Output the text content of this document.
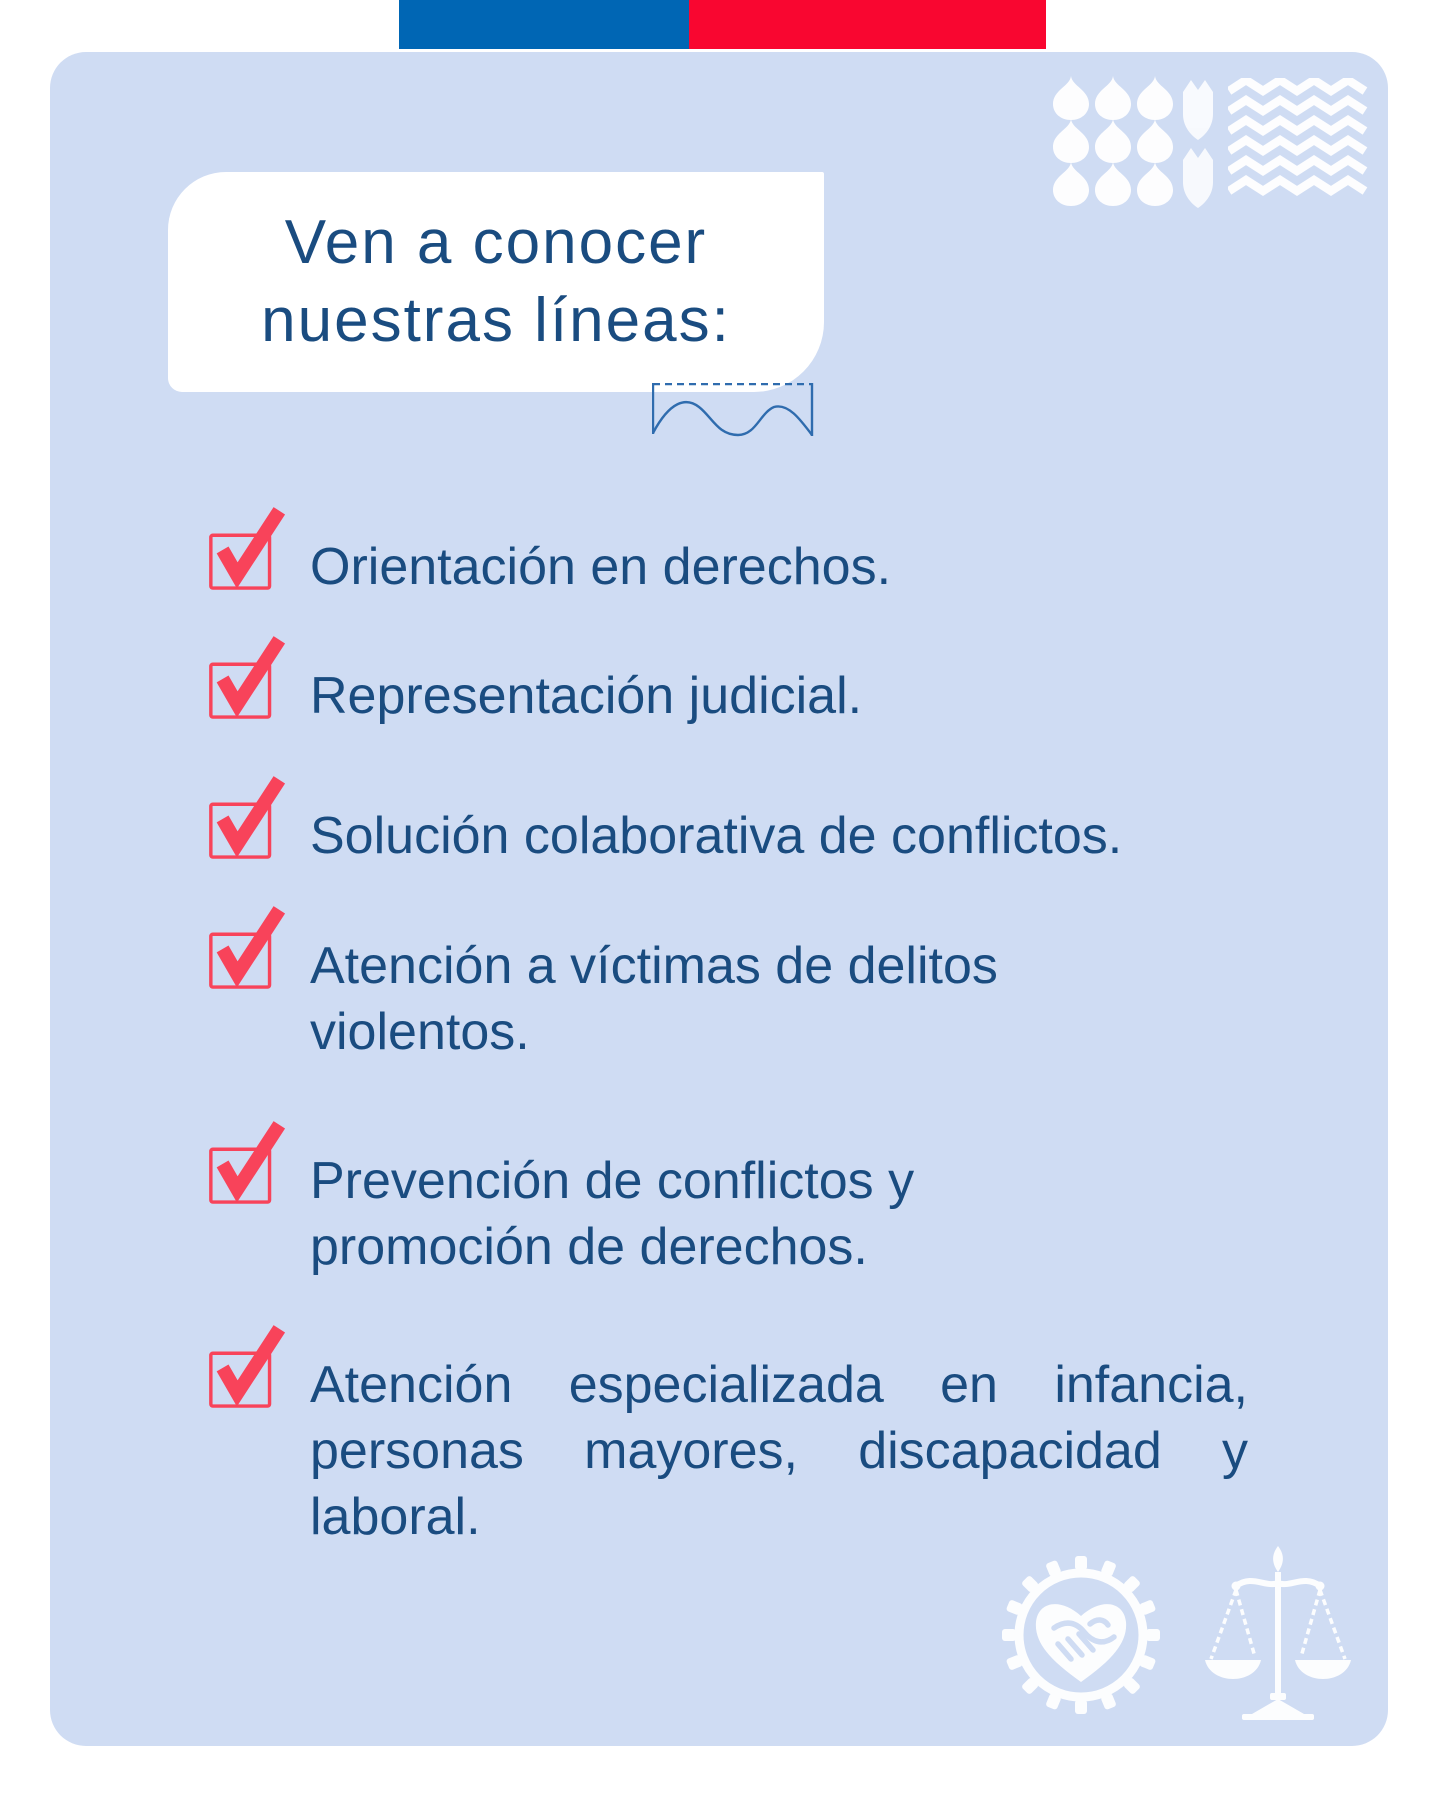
Ven a conocer
nuestras líneas:
Orientación en derechos.
Representación judicial.
Solución colaborativa de conflictos.
Atención a víctimas de delitos
violentos.
Prevención de conflictos y
promoción de derechos.
Atención especializada en infancia,
personas mayores, discapacidad y
laboral.
